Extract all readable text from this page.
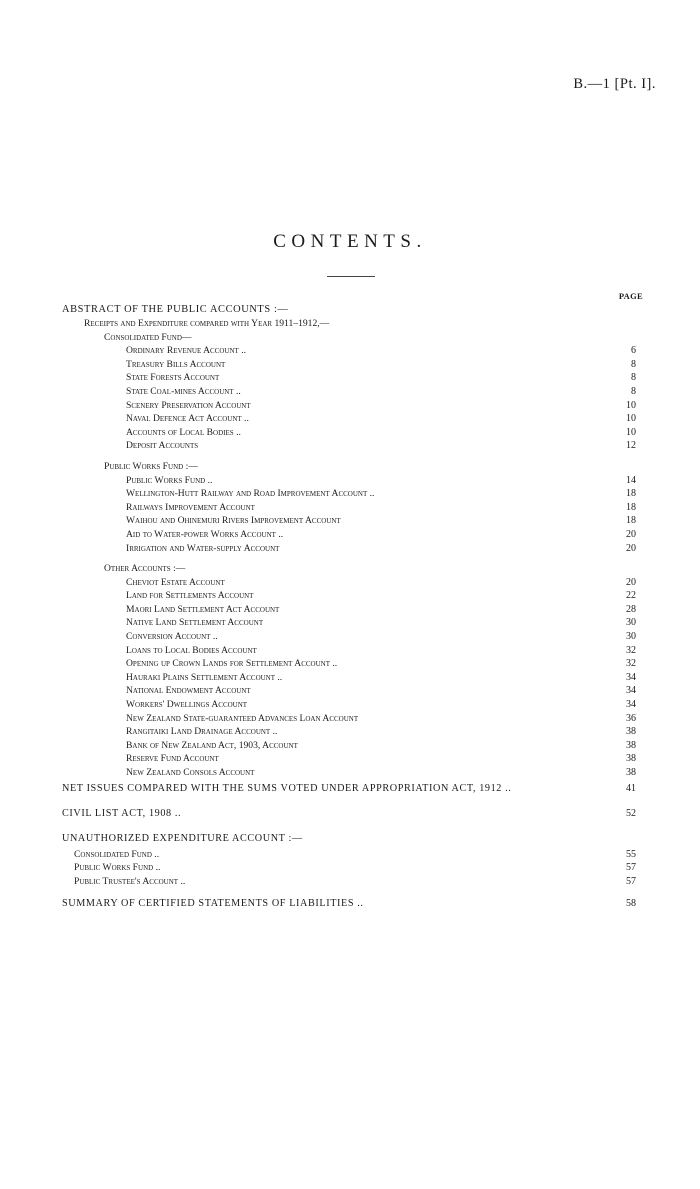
B.—1 [Pt. I].
CONTENTS.
PAGE
ABSTRACT OF THE PUBLIC ACCOUNTS :—
Receipts and Expenditure compared with Year 1911–1912,—
Consolidated Fund—
Ordinary Revenue Account ..	6
Treasury Bills Account	8
State Forests Account	8
State Coal-mines Account ..	8
Scenery Preservation Account	10
Naval Defence Act Account ..	10
Accounts of Local Bodies ..	10
Deposit Accounts	12
Public Works Fund :—
Public Works Fund ..	14
Wellington-Hutt Railway and Road Improvement Account ..	18
Railways Improvement Account	18
Waihou and Ohinemuri Rivers Improvement Account	18
Aid to Water-power Works Account ..	20
Irrigation and Water-supply Account	20
Other Accounts :—
Cheviot Estate Account	20
Land for Settlements Account	22
Maori Land Settlement Act Account	28
Native Land Settlement Account	30
Conversion Account ..	30
Loans to Local Bodies Account	32
Opening up Crown Lands for Settlement Account ..	32
Hauraki Plains Settlement Account ..	34
National Endowment Account	34
Workers' Dwellings Account	34
New Zealand State-guaranteed Advances Loan Account	36
Rangitaiki Land Drainage Account ..	38
Bank of New Zealand Act, 1903, Account	38
Reserve Fund Account	38
New Zealand Consols Account	38
NET ISSUES COMPARED WITH THE SUMS VOTED UNDER APPROPRIATION ACT, 1912 ..	41
CIVIL LIST ACT, 1908 ..	52
UNAUTHORIZED EXPENDITURE ACCOUNT :—
Consolidated Fund ..	55
Public Works Fund ..	57
Public Trustee's Account ..	57
SUMMARY OF CERTIFIED STATEMENTS OF LIABILITIES ..	58
